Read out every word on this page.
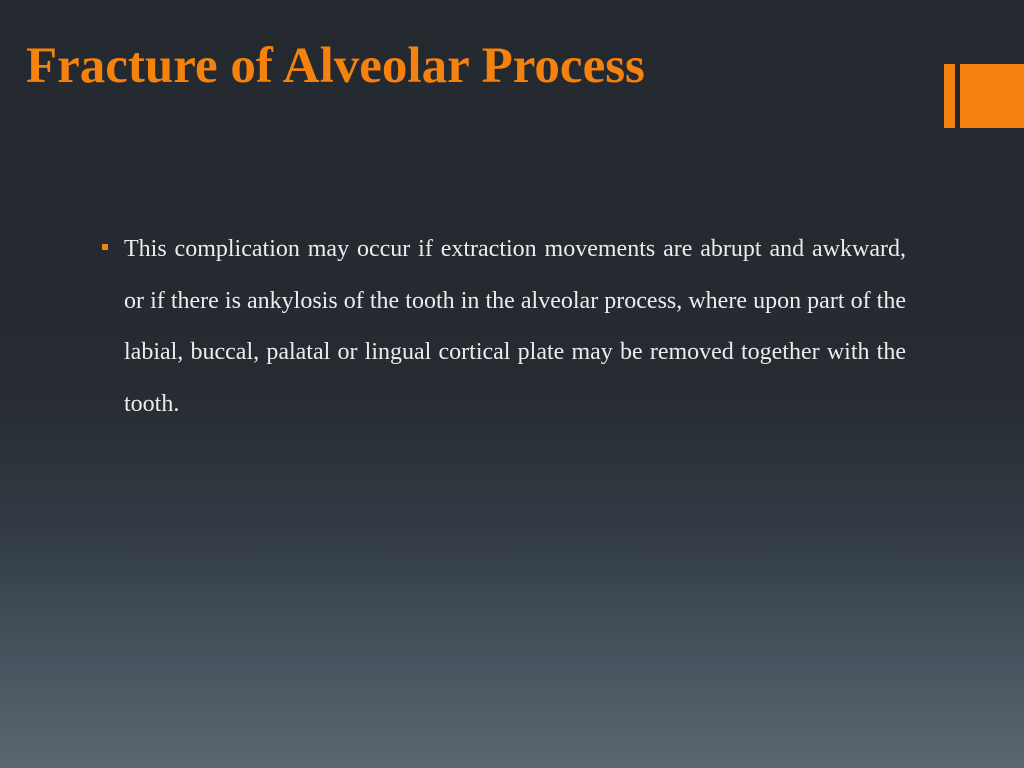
Fracture of Alveolar Process
This complication may occur if extraction movements are abrupt and awkward, or if there is ankylosis of the tooth in the alveolar process, where upon part of the labial, buccal, palatal or lingual cortical plate may be removed together with the tooth.
